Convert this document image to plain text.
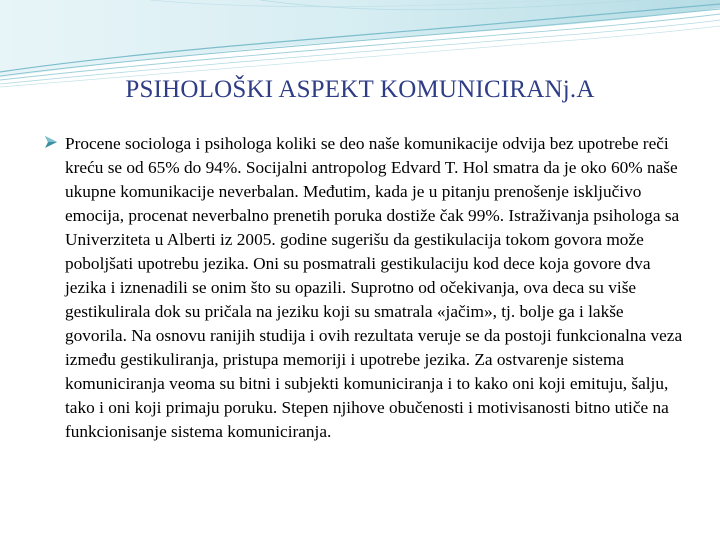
PSIHOLOŠKI ASPEKT KOMUNICIRANj.A

Procene sociologa i psihologa koliki se deo naše komunikacije odvija bez upotrebe reči kreću se od 65% do 94%. Socijalni antropolog Edvard T. Hol smatra da je oko 60% naše ukupne komunikacije neverbalan. Međutim, kada je u pitanju prenošenje isključivo emocija, procenat neverbalno prenetih poruka dostiže čak 99%. Istraživanja psihologa sa Univerziteta u Alberti iz 2005. godine sugerišu da gestikulacija tokom govora može poboljšati upotrebu jezika. Oni su posmatrali gestikulaciju kod dece koja govore dva jezika i iznenadili se onim što su opazili. Suprotno od očekivanja, ova deca su više gestikulirala dok su pričala na jeziku koji su smatrala «jačim», tj. bolje ga i lakše govorila. Na osnovu ranijih studija i ovih rezultata veruje se da postoji funkcionalna veza između gestikuliranja, pristupa memoriji i upotrebe jezika. Za ostvarenje sistema komuniciranja veoma su bitni i subjekti komuniciranja i to kako oni koji emituju, šalju, tako i oni koji primaju poruku. Stepen njihove obučenosti i motivisanosti bitno utiče na funkcionisanje sistema komuniciranja.
